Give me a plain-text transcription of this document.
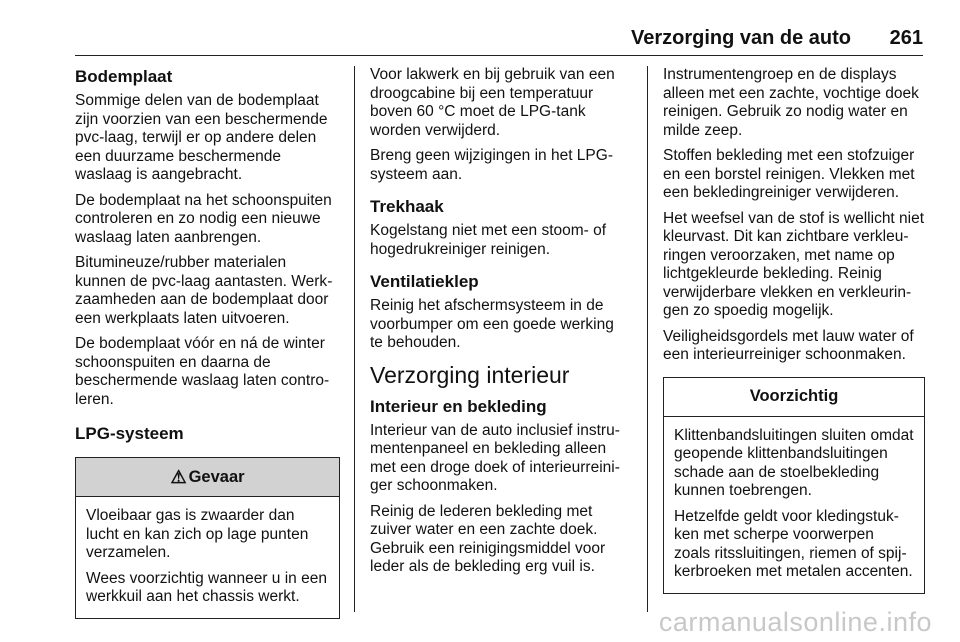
Verzorging van de auto 261
Bodemplaat

Sommige delen van de bodemplaat zijn voorzien van een beschermende pvc-laag, terwijl er op andere delen een duurzame beschermende waslaag is aangebracht.

De bodemplaat na het schoonspuiten controleren en zo nodig een nieuwe waslaag laten aanbrengen.

Bitumineuze/rubber materialen kunnen de pvc-laag aantasten. Werkzaamheden aan de bodemplaat door een werkplaats laten uitvoeren.

De bodemplaat vóór en ná de winter schoonspuiten en daarna de beschermende waslaag laten controleren.

LPG-systeem
⚠ Gevaar

Vloeibaar gas is zwaarder dan lucht en kan zich op lage punten verzamelen.

Wees voorzichtig wanneer u in een werkkuil aan het chassis werkt.

Voor lakwerk en bij gebruik van een droogcabine bij een temperatuur boven 60 °C moet de LPG-tank worden verwijderd.

Breng geen wijzigingen in het LPG-systeem aan.

Trekhaak

Kogelstang niet met een stoom- of hogedrukreiniger reinigen.

Ventilatieklep

Reinig het afschermsysteem in de voorbumper om een goede werking te behouden.

Verzorging interieur
Interieur en bekleding

Interieur van de auto inclusief instrumentenpaneel en bekleding alleen met een droge doek of interieurreiniger schoonmaken.

Reinig de lederen bekleding met zuiver water en een zachte doek. Gebruik een reinigingsmiddel voor leder als de bekleding erg vuil is.

Instrumentengroep en de displays alleen met een zachte, vochtige doek reinigen. Gebruik zo nodig water en milde zeep.

Stoffen bekleding met een stofzuiger en een borstel reinigen. Vlekken met een bekledingreiniger verwijderen.

Het weefsel van de stof is wellicht niet kleurvast. Dit kan zichtbare verkleuringen veroorzaken, met name op lichtgekleurde bekleding. Reinig verwijderbare vlekken en verkleuringen zo spoedig mogelijk.

Veiligheidsgordels met lauw water of een interieurreiniger schoonmaken.

Voorzichtig

Klittenbandsluitingen sluiten omdat geopende klittenbandsluitingen schade aan de stoelbekleding kunnen toebrengen.

Hetzelfde geldt voor kledingstukken met scherpe voorwerpen zoals ritssluitingen, riemen of spijkerbroeken met metalen accenten.

carmanualsonline.info
